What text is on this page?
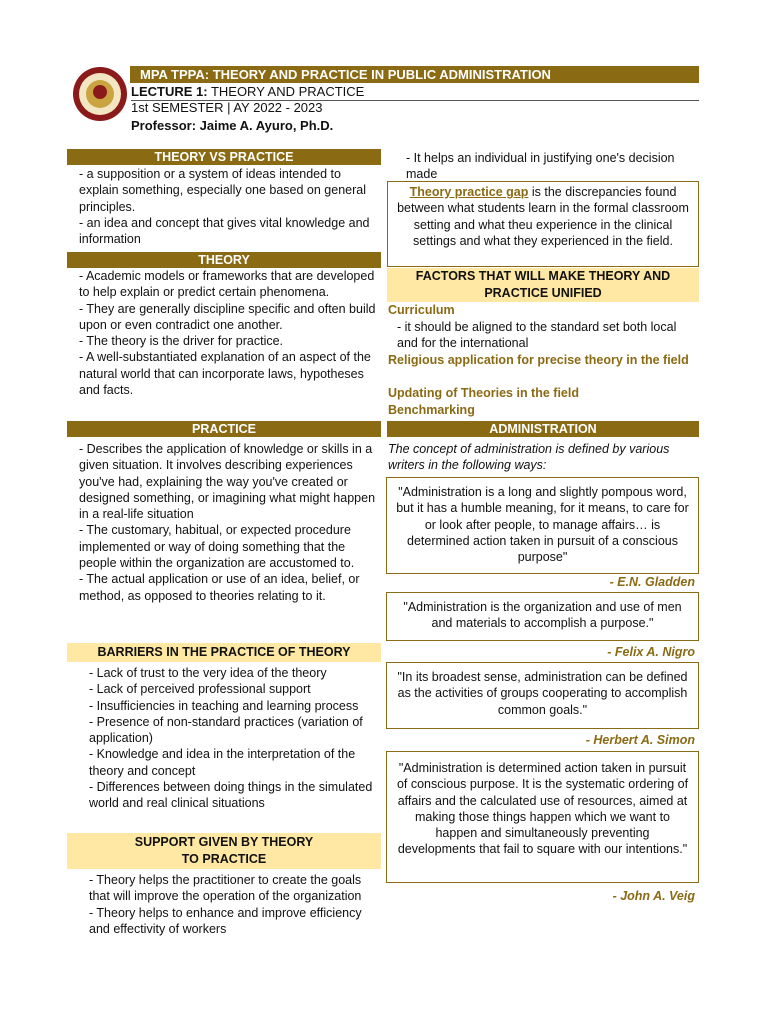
MPA TPPA: THEORY AND PRACTICE IN PUBLIC ADMINISTRATION
LECTURE 1: THEORY AND PRACTICE
1st SEMESTER | AY 2022 - 2023
Professor: Jaime A. Ayuro, Ph.D.
THEORY VS PRACTICE

- a supposition or a system of ideas intended to explain something, especially one based on general principles.

- an idea and concept that gives vital knowledge and information

THEORY

- Academic models or frameworks that are developed to help explain or predict certain phenomena.

- They are generally discipline specific and often build upon or even contradict one another.

- The theory is the driver for practice.

- A well-substantiated explanation of an aspect of the natural world that can incorporate laws, hypotheses and facts.

PRACTICE

- Describes the application of knowledge or skills in a given situation. It involves describing experiences you've had, explaining the way you've created or designed something, or imagining what might happen in a real-life situation

- The customary, habitual, or expected procedure implemented or way of doing something that the people within the organization are accustomed to.

- The actual application or use of an idea, belief, or method, as opposed to theories relating to it.

BARRIERS IN THE PRACTICE OF THEORY

- Lack of trust to the very idea of the theory

- Lack of perceived professional support

- Insufficiencies in teaching and learning process

- Presence of non-standard practices (variation of application)

- Knowledge and idea in the interpretation of the theory and concept

- Differences between doing things in the simulated world and real clinical situations

SUPPORT GIVEN BY THEORY
TO PRACTICE

- Theory helps the practitioner to create the goals that will improve the operation of the organization

- Theory helps to enhance and improve efficiency and effectivity of workers

- It helps an individual in justifying one's decision made
Theory practice gap is the discrepancies found between what students learn in the formal classroom setting and what theu experience in the clinical settings and what they experienced in the field.
FACTORS THAT WILL MAKE THEORY AND PRACTICE UNIFIED
Curriculum
- it should be aligned to the standard set both local and for the international
Religious application for precise theory in the field
Updating of Theories in the field
Benchmarking
ADMINISTRATION
The concept of administration is defined by various writers in the following ways:
"Administration is a long and slightly pompous word, but it has a humble meaning, for it means, to care for or look after people, to manage affairs… is determined action taken in pursuit of a conscious purpose"
- E.N. Gladden
"Administration is the organization and use of men and materials to accomplish a purpose."
- Felix A. Nigro
"In its broadest sense, administration can be defined as the activities of groups cooperating to accomplish common goals."
- Herbert A. Simon
"Administration is determined action taken in pursuit of conscious purpose. It is the systematic ordering of affairs and the calculated use of resources, aimed at making those things happen which we want to happen and simultaneously preventing developments that fail to square with our intentions."
- John A. Veig
